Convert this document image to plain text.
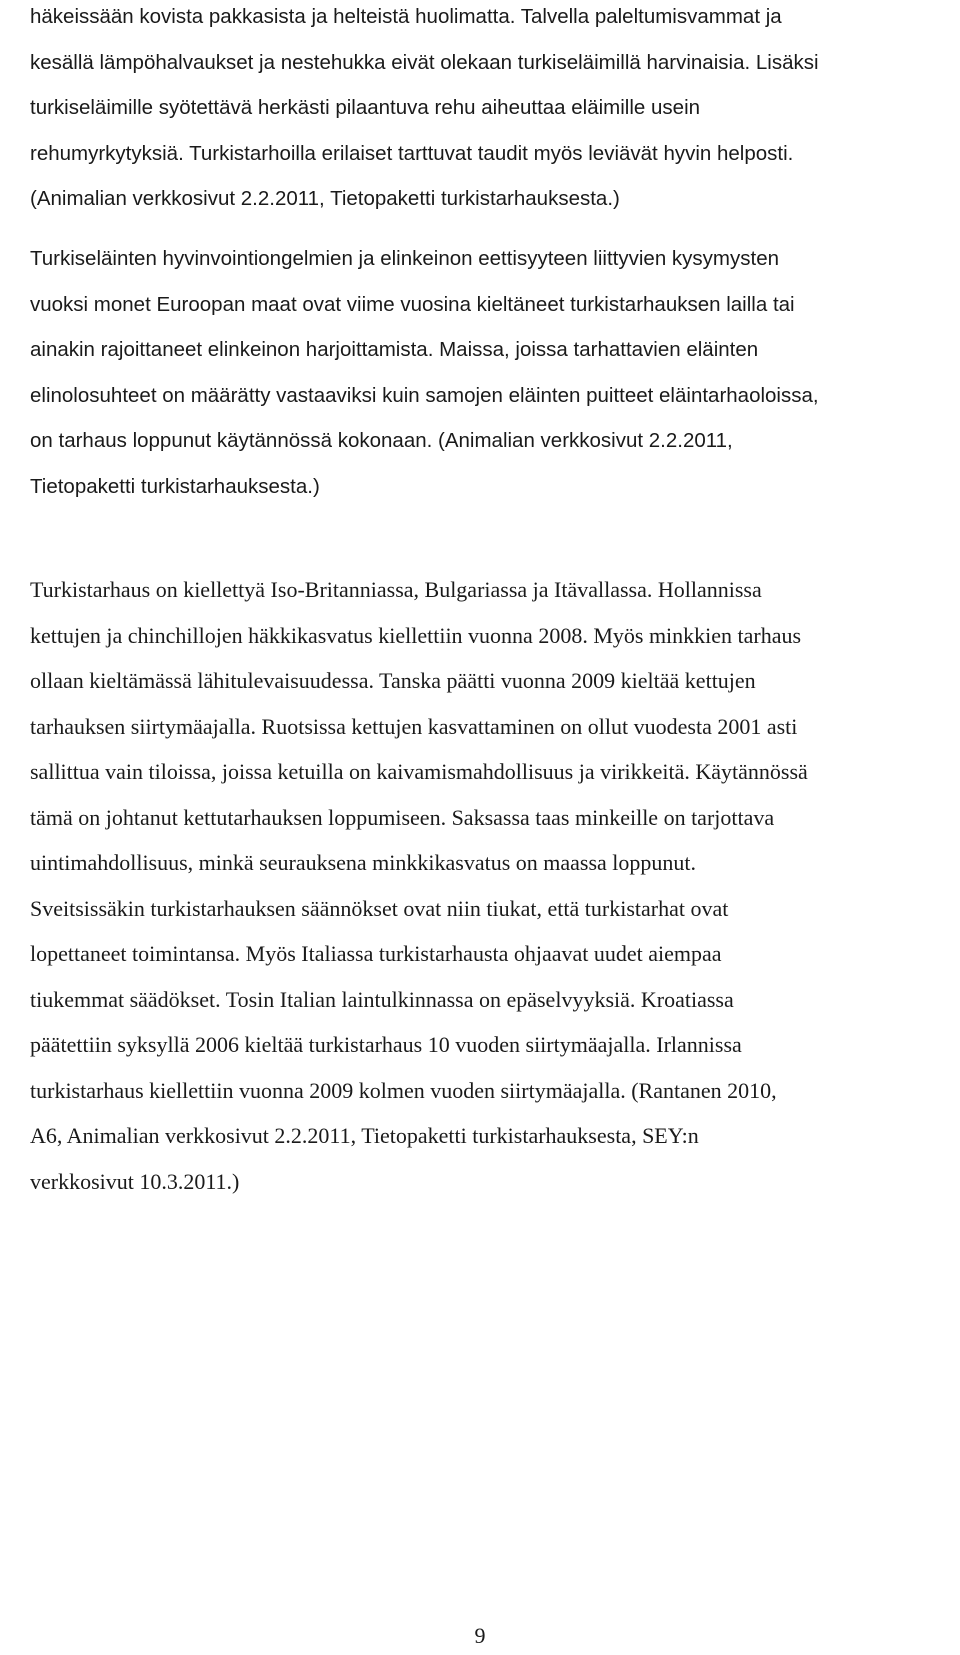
häkeissään kovista pakkasista ja helteistä huolimatta. Talvella paleltumisvammat ja
kesällä lämpöhalvaukset ja nestehukka eivät olekaan turkiseläimillä harvinaisia. Lisäksi
turkiseläimille syötettävä herkästi pilaantuva rehu aiheuttaa eläimille usein
rehumyrkytyksiä. Turkistarhoilla erilaiset tarttuvat taudit myös leviävät hyvin helposti.
(Animalian verkkosivut 2.2.2011, Tietopaketti turkistarhauksesta.)

Turkiseläinten hyvinvointiongelmien ja elinkeinon eettisyyteen liittyvien kysymysten
vuoksi monet Euroopan maat ovat viime vuosina kieltäneet turkistarhauksen lailla tai
ainakin rajoittaneet elinkeinon harjoittamista. Maissa, joissa tarhattavien eläinten
elinolosuhteet on määrätty vastaaviksi kuin samojen eläinten puitteet eläintarhaoloissa,
on tarhaus loppunut käytännössä kokonaan. (Animalian verkkosivut 2.2.2011,
Tietopaketti turkistarhauksesta.)

Turkistarhaus on kiellettyä Iso-Britanniassa, Bulgariassa ja Itävallassa. Hollannissa
kettujen ja chinchillojen häkkikasvatus kiellettiin vuonna 2008. Myös minkkien tarhaus
ollaan kieltämässä lähitulevaisuudessa. Tanska päätti vuonna 2009 kieltää kettujen
tarhauksen siirtymäajalla. Ruotsissa kettujen kasvattaminen on ollut vuodesta 2001 asti
sallittua vain tiloissa, joissa ketuilla on kaivamismahdollisuus ja virikkeitä. Käytännössä
tämä on johtanut kettutarhauksen loppumiseen. Saksassa taas minkeille on tarjottava
uintimahdollisuus, minkä seurauksena minkkikasvatus on maassa loppunut.
Sveitsissäkin turkistarhauksen säännökset ovat niin tiukat, että turkistarhat ovat
lopettaneet toimintansa. Myös Italiassa turkistarhausta ohjaavat uudet aiempaa
tiukemmat säädökset. Tosin Italian laintulkinnassa on epäselvyyksiä. Kroatiassa
päätettiin syksyllä 2006 kieltää turkistarhaus 10 vuoden siirtymäajalla. Irlannissa
turkistarhaus kiellettiin vuonna 2009 kolmen vuoden siirtymäajalla. (Rantanen 2010,
A6, Animalian verkkosivut 2.2.2011, Tietopaketti turkistarhauksesta, SEY:n
verkkosivut 10.3.2011.)

9
